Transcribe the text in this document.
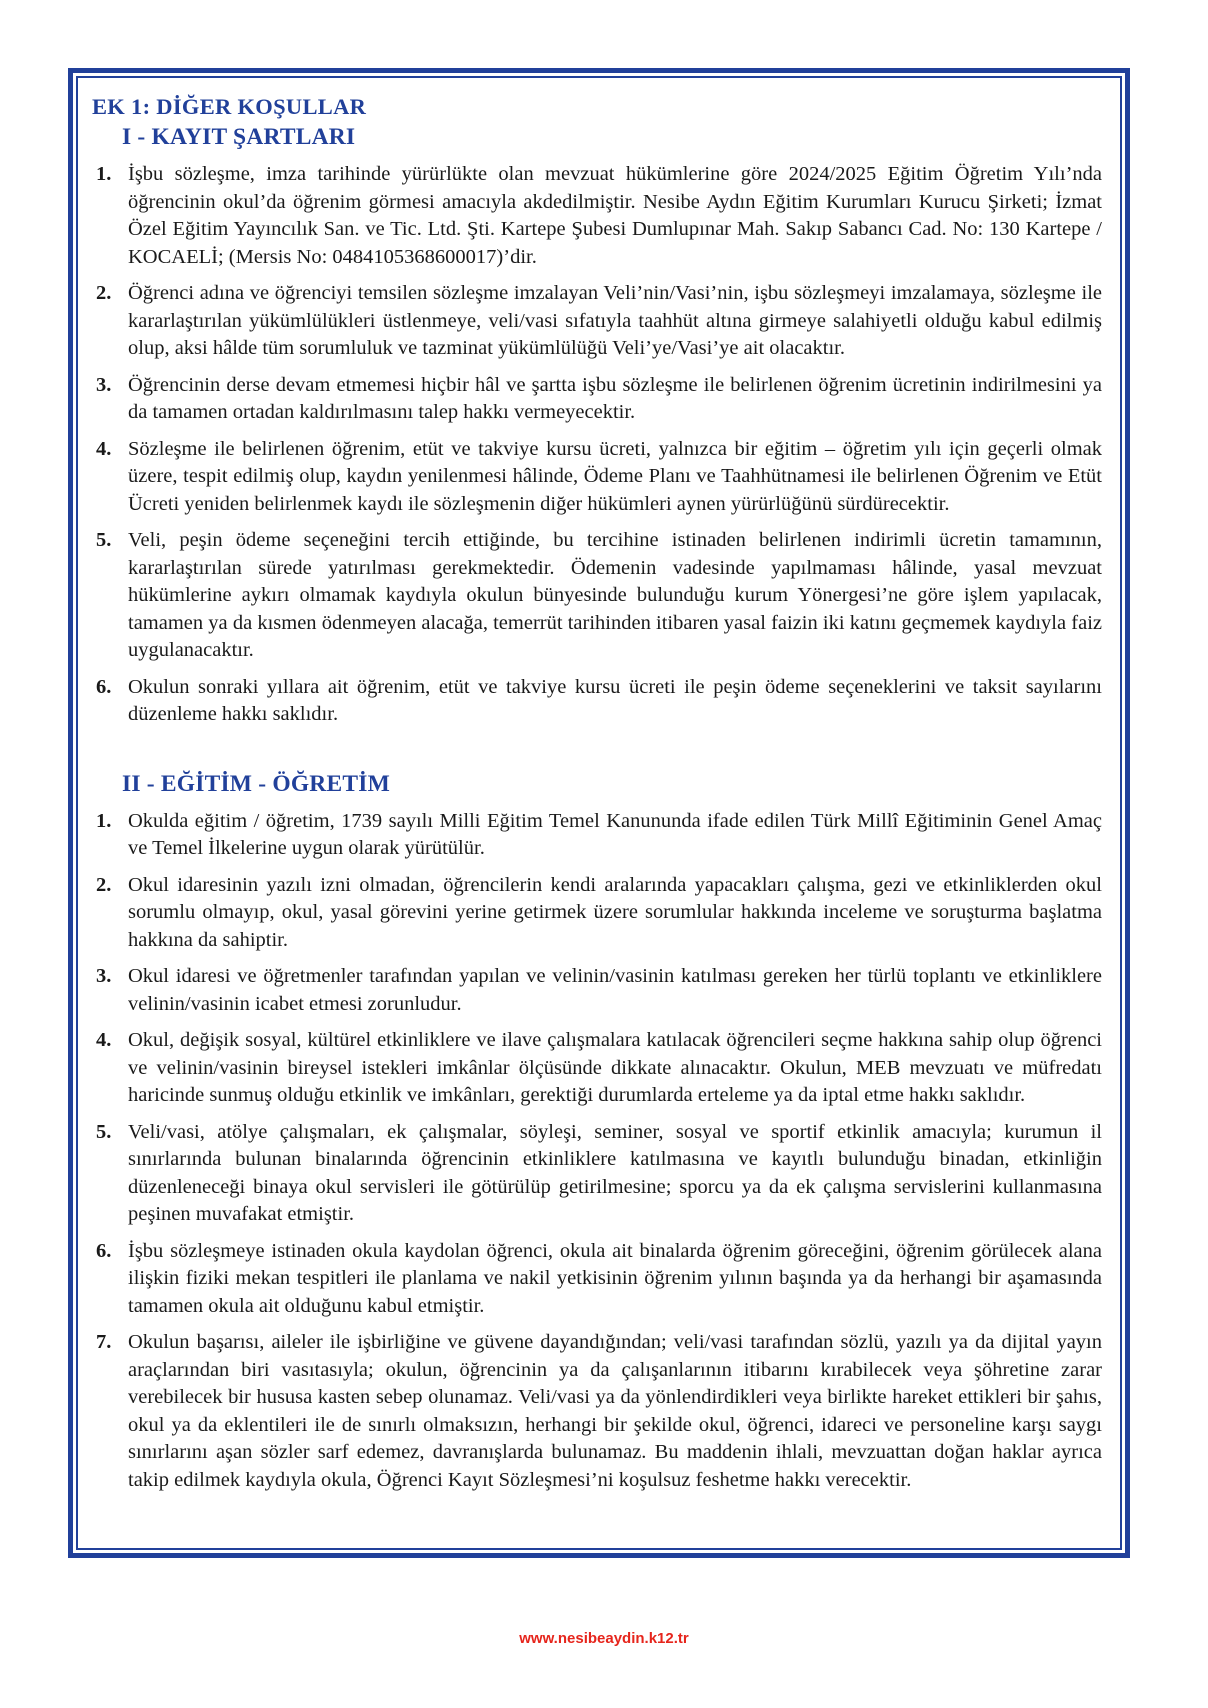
EK 1: DİĞER KOŞULLAR
I - KAYIT ŞARTLARI
1. İşbu sözleşme, imza tarihinde yürürlükte olan mevzuat hükümlerine göre 2024/2025 Eğitim Öğretim Yılı’nda öğrencinin okul’da öğrenim görmesi amacıyla akdedilmiştir. Nesibe Aydın Eğitim Kurumları Kurucu Şirketi; İzmat Özel Eğitim Yayıncılık San. ve Tic. Ltd. Şti. Kartepe Şubesi Dumlupınar Mah. Sakıp Sabancı Cad. No: 130 Kartepe / KOCAELİ; (Mersis No: 0484105368600017)’dir.
2. Öğrenci adına ve öğrenciyi temsilen sözleşme imzalayan Veli’nin/Vasi’nin, işbu sözleşmeyi imzalamaya, sözleşme ile kararlaştırılan yükümlülükleri üstlenmeye, veli/vasi sıfatıyla taahhüt altına girmeye salahiyetli olduğu kabul edilmiş olup, aksi hâlde tüm sorumluluk ve tazminat yükümlülüğü Veli’ye/Vasi’ye ait olacaktır.
3. Öğrencinin derse devam etmemesi hiçbir hâl ve şartta işbu sözleşme ile belirlenen öğrenim ücretinin indirilmesini ya da tamamen ortadan kaldırılmasını talep hakkı vermeyecektir.
4. Sözleşme ile belirlenen öğrenim, etüt ve takviye kursu ücreti, yalnızca bir eğitim – öğretim yılı için geçerli olmak üzere, tespit edilmiş olup, kaydın yenilenmesi hâlinde, Ödeme Planı ve Taahhütnamesi ile belirlenen Öğrenim ve Etüt Ücreti yeniden belirlenmek kaydı ile sözleşmenin diğer hükümleri aynen yürürlüğünü sürdürecektir.
5. Veli, peşin ödeme seçeneğini tercih ettiğinde, bu tercihine istinaden belirlenen indirimli ücretin tamamının, kararlaştırılan sürede yatırılması gerekmektedir. Ödemenin vadesinde yapılmaması hâlinde, yasal mevzuat hükümlerine aykırı olmamak kaydıyla okulun bünyesinde bulunduğu kurum Yönergesi’ne göre işlem yapılacak, tamamen ya da kısmen ödenmeyen alacağa, temerrüt tarihinden itibaren yasal faizin iki katını geçmemek kaydıyla faiz uygulanacaktır.
6. Okulun sonraki yıllara ait öğrenim, etüt ve takviye kursu ücreti ile peşin ödeme seçeneklerini ve taksit sayılarını düzenleme hakkı saklıdır.
II - EĞİTİM - ÖĞRETİM
1. Okulda eğitim / öğretim, 1739 sayılı Milli Eğitim Temel Kanununda ifade edilen Türk Millî Eğitiminin Genel Amaç ve Temel İlkelerine uygun olarak yürütülür.
2. Okul idaresinin yazılı izni olmadan, öğrencilerin kendi aralarında yapacakları çalışma, gezi ve etkinliklerden okul sorumlu olmayıp, okul, yasal görevini yerine getirmek üzere sorumlular hakkında inceleme ve soruşturma başlatma hakkına da sahiptir.
3. Okul idaresi ve öğretmenler tarafından yapılan ve velinin/vasinin katılması gereken her türlü toplantı ve etkinliklere velinin/vasinin icabet etmesi zorunludur.
4. Okul, değişik sosyal, kültürel etkinliklere ve ilave çalışmalara katılacak öğrencileri seçme hakkına sahip olup öğrenci ve velinin/vasinin bireysel istekleri imkânlar ölçüsünde dikkate alınacaktır. Okulun, MEB mevzuatı ve müfredatı haricinde sunmuş olduğu etkinlik ve imkânları, gerektiği durumlarda erteleme ya da iptal etme hakkı saklıdır.
5. Veli/vasi, atölye çalışmaları, ek çalışmalar, söyleşi, seminer, sosyal ve sportif etkinlik amacıyla; kurumun il sınırlarında bulunan binalarında öğrencinin etkinliklere katılmasına ve kayıtlı bulunduğu binadan, etkinliğin düzenleneceği binaya okul servisleri ile götürülüp getirilmesine; sporcu ya da ek çalışma servislerini kullanmasına peşinen muvafakat etmiştir.
6. İşbu sözleşmeye istinaden okula kaydolan öğrenci, okula ait binalarda öğrenim göreceğini, öğrenim görülecek alana ilişkin fiziki mekan tespitleri ile planlama ve nakil yetkisinin öğrenim yılının başında ya da herhangi bir aşamasında tamamen okula ait olduğunu kabul etmiştir.
7. Okulun başarısı, aileler ile işbirliğine ve güvene dayandığından; veli/vasi tarafından sözlü, yazılı ya da dijital yayın araçlarından biri vasıtasıyla; okulun, öğrencinin ya da çalışanlarının itibarını kırabilecek veya şöhretine zarar verebilecek bir hususa kasten sebep olunamaz. Veli/vasi ya da yönlendirdikleri veya birlikte hareket ettikleri bir şahıs, okul ya da eklentileri ile de sınırlı olmaksızın, herhangi bir şekilde okul, öğrenci, idareci ve personeline karşı saygı sınırlarını aşan sözler sarf edemez, davranışlarda bulunamaz. Bu maddenin ihlali, mevzuattan doğan haklar ayrıca takip edilmek kaydıyla okula, Öğrenci Kayıt Sözleşmesi’ni koşulsuz feshetme hakkı verecektir.
www.nesibeaydin.k12.tr
